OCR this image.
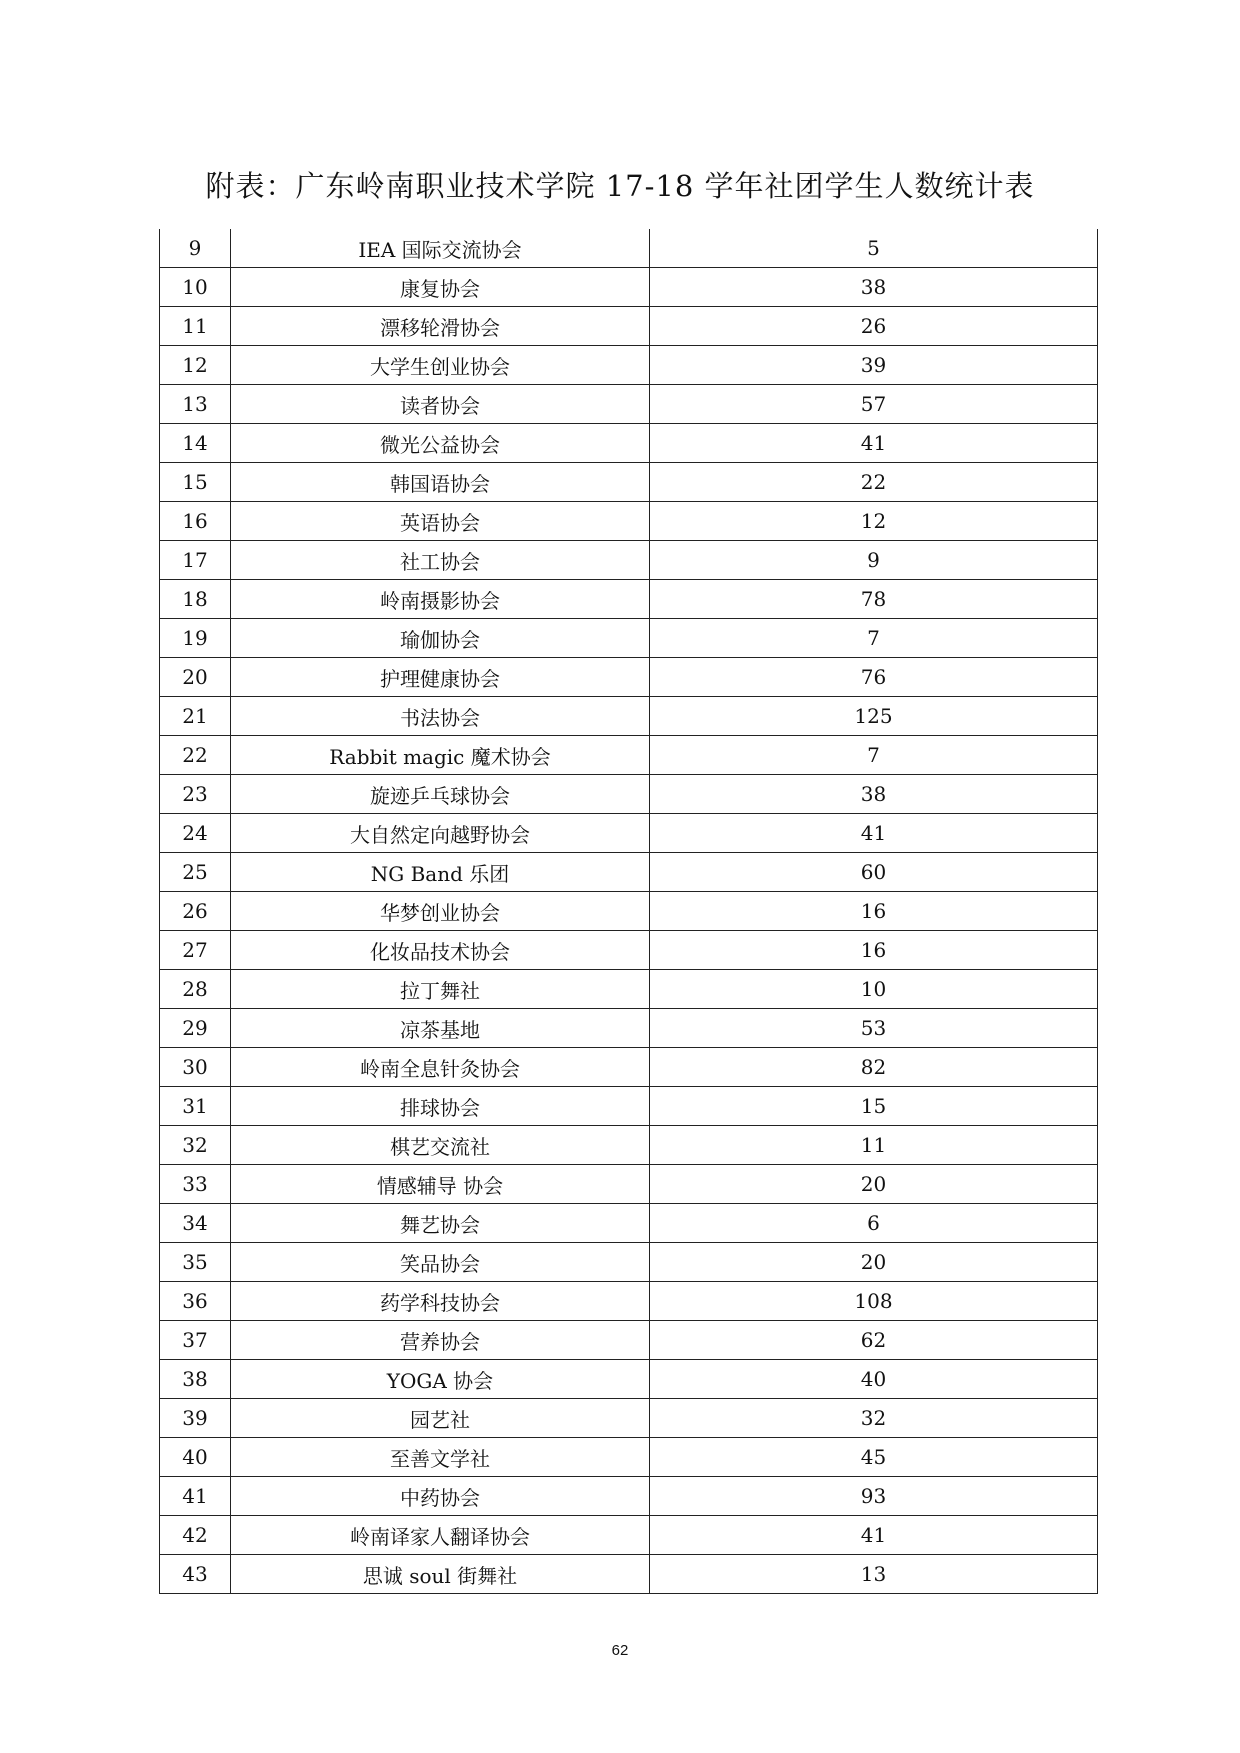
附表：广东岭南职业技术学院 17-18 学年社团学生人数统计表
9	IEA 国际交流协会	5
10	康复协会	38
11	漂移轮滑协会	26
12	大学生创业协会	39
13	读者协会	57
14	微光公益协会	41
15	韩国语协会	22
16	英语协会	12
17	社工协会	9
18	岭南摄影协会	78
19	瑜伽协会	7
20	护理健康协会	76
21	书法协会	125
22	Rabbit magic 魔术协会	7
23	旋迹乒乓球协会	38
24	大自然定向越野协会	41
25	NG Band 乐团	60
26	华梦创业协会	16
27	化妆品技术协会	16
28	拉丁舞社	10
29	凉茶基地	53
30	岭南全息针灸协会	82
31	排球协会	15
32	棋艺交流社	11
33	情感辅导 协会	20
34	舞艺协会	6
35	笑品协会	20
36	药学科技协会	108
37	营养协会	62
38	YOGA 协会	40
39	园艺社	32
40	至善文学社	45
41	中药协会	93
42	岭南译家人翻译协会	41
43	思诚 soul 街舞社	13
62
